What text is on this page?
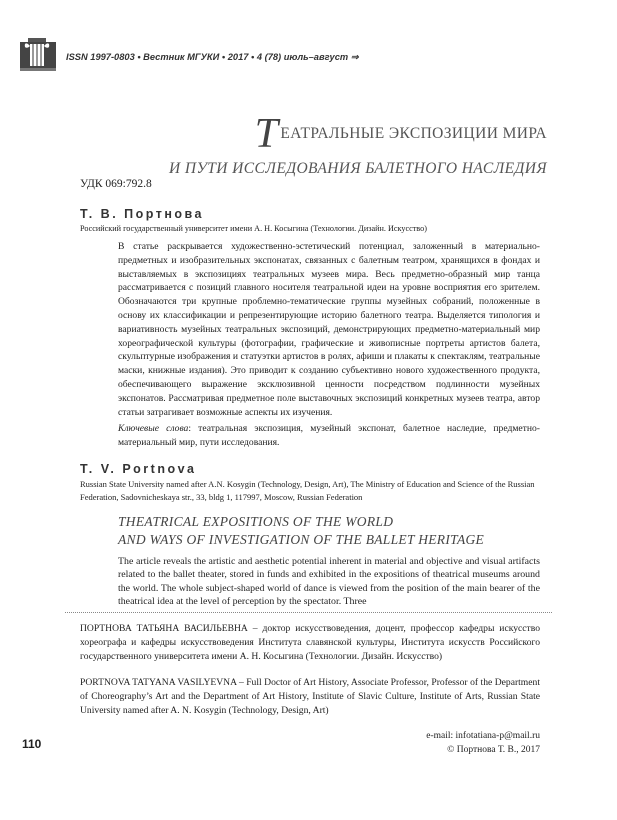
ISSN 1997-0803 • Вестник МГУКИ • 2017 • 4 (78) июль–август ⇒
ТЕАТРАЛЬНЫЕ ЭКСПОЗИЦИИ МИРА
И ПУТИ ИССЛЕДОВАНИЯ БАЛЕТНОГО НАСЛЕДИЯ
УДК 069:792.8
Т. В. Портнова
Российский государственный университет имени А. Н. Косыгина (Технологии. Дизайн. Искусство)
В статье раскрывается художественно-эстетический потенциал, заложенный в материально-предметных и изобразительных экспонатах, связанных с балетным театром, хранящихся в фондах и выставляемых в экспозициях театральных музеев мира. Весь предметно-образный мир танца рассматривается с позиций главного носителя театральной идеи на уровне восприятия его зрителем. Обозначаются три крупные проблемно-тематические группы музейных собраний, положенные в основу их классификации и репрезентирующие историю балетного театра. Выделяется типология и вариативность музейных театральных экспозиций, демонстрирующих предметно-материальный мир хореографической культуры (фотографии, графические и живописные портреты артистов балета, скульптурные изображения и статуэтки артистов в ролях, афиши и плакаты к спектаклям, театральные маски, книжные издания). Это приводит к созданию субъективно нового художественного продукта, обеспечивающего выражение эксклюзивной ценности посредством подлинности музейных экспонатов. Рассматривая предметное поле выставочных экспозиций конкретных музеев театра, автор статьи затрагивает возможные аспекты их изучения.
Ключевые слова: театральная экспозиция, музейный экспонат, балетное наследие, предметно-материальный мир, пути исследования.
T. V. Portnova
Russian State University named after A.N. Kosygin (Technology, Design, Art), The Ministry of Education and Science of the Russian Federation, Sadovnicheskaya str., 33, bldg 1, 117997, Moscow, Russian Federation
THEATRICAL EXPOSITIONS OF THE WORLD
AND WAYS OF INVESTIGATION OF THE BALLET HERITAGE
The article reveals the artistic and aesthetic potential inherent in material and objective and visual artifacts related to the ballet theater, stored in funds and exhibited in the expositions of theatrical museums around the world. The whole subject-shaped world of dance is viewed from the position of the main bearer of the theatrical idea at the level of perception by the spectator. Three
ПОРТНОВА ТАТЬЯНА ВАСИЛЬЕВНА – доктор искусствоведения, доцент, профессор кафедры искусство хореографа и кафедры искусствоведения Института славянской культуры, Института искусств Российского государственного университета имени А. Н. Косыгина (Технологии. Дизайн. Искусство)
PORTNOVA TATYANA VASILYEVNA – Full Doctor of Art History, Associate Professor, Professor of the Department of Choreography’s Art and the Department of Art History, Institute of Slavic Culture, Institute of Arts, Russian State University named after A. N. Kosygin (Technology, Design, Art)
110
e-mail: infotatiana-p@mail.ru
© Портнова Т. В., 2017
